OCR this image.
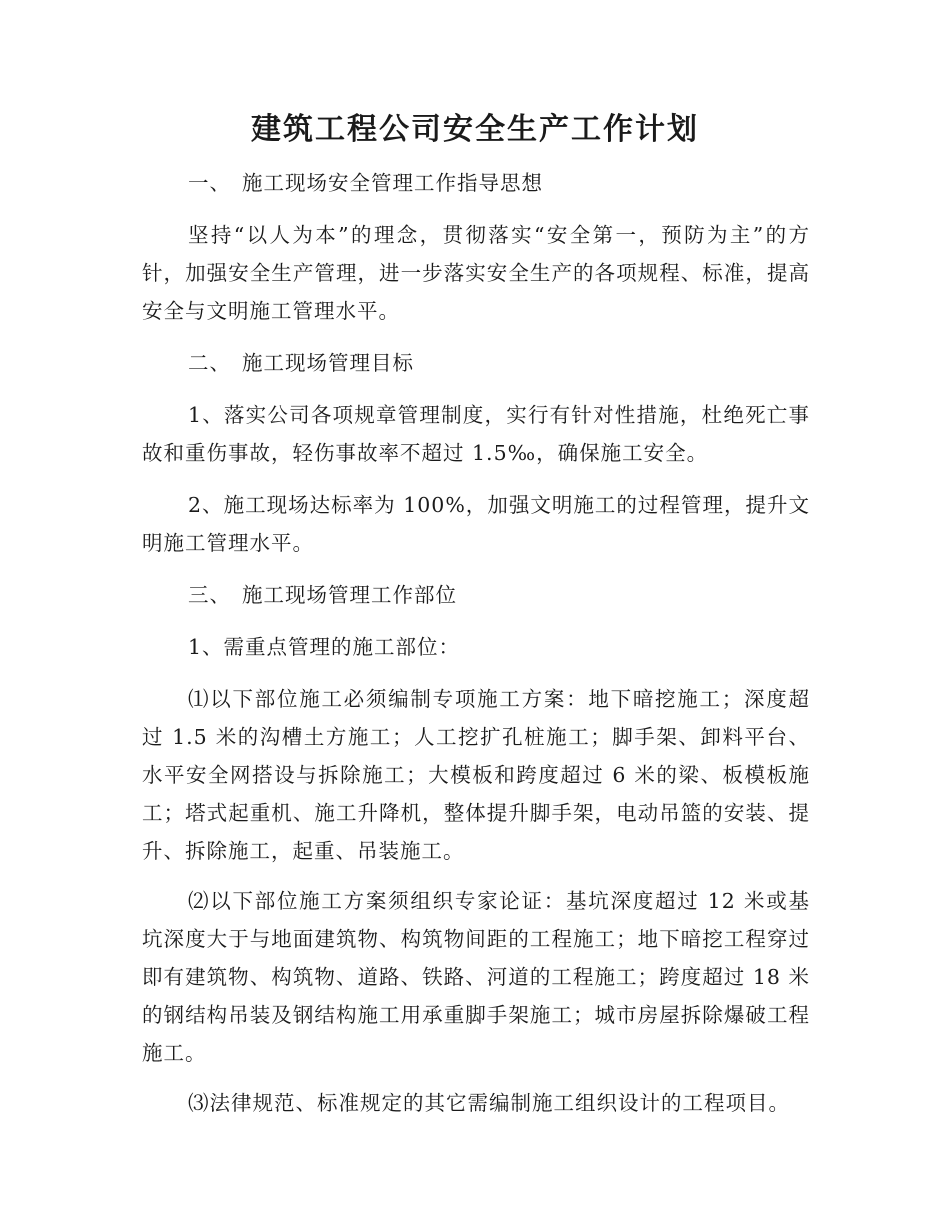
建筑工程公司安全生产工作计划
一、 施工现场安全管理工作指导思想
坚持“以人为本”的理念，贯彻落实“安全第一，预防为主”的方针，加强安全生产管理，进一步落实安全生产的各项规程、标准，提高安全与文明施工管理水平。
二、 施工现场管理目标
1、落实公司各项规章管理制度，实行有针对性措施，杜绝死亡事故和重伤事故，轻伤事故率不超过 1.5‰，确保施工安全。
2、施工现场达标率为 100%，加强文明施工的过程管理，提升文明施工管理水平。
三、 施工现场管理工作部位
1、需重点管理的施工部位：
⑴以下部位施工必须编制专项施工方案：地下暗挖施工；深度超过 1.5 米的沟槽土方施工；人工挖扩孔桩施工；脚手架、卸料平台、水平安全网搭设与拆除施工；大模板和跨度超过 6 米的梁、板模板施工；塔式起重机、施工升降机，整体提升脚手架，电动吊篮的安装、提升、拆除施工，起重、吊装施工。
⑵以下部位施工方案须组织专家论证：基坑深度超过 12 米或基坑深度大于与地面建筑物、构筑物间距的工程施工；地下暗挖工程穿过即有建筑物、构筑物、道路、铁路、河道的工程施工；跨度超过 18 米的钢结构吊装及钢结构施工用承重脚手架施工；城市房屋拆除爆破工程施工。
⑶法律规范、标准规定的其它需编制施工组织设计的工程项目。
